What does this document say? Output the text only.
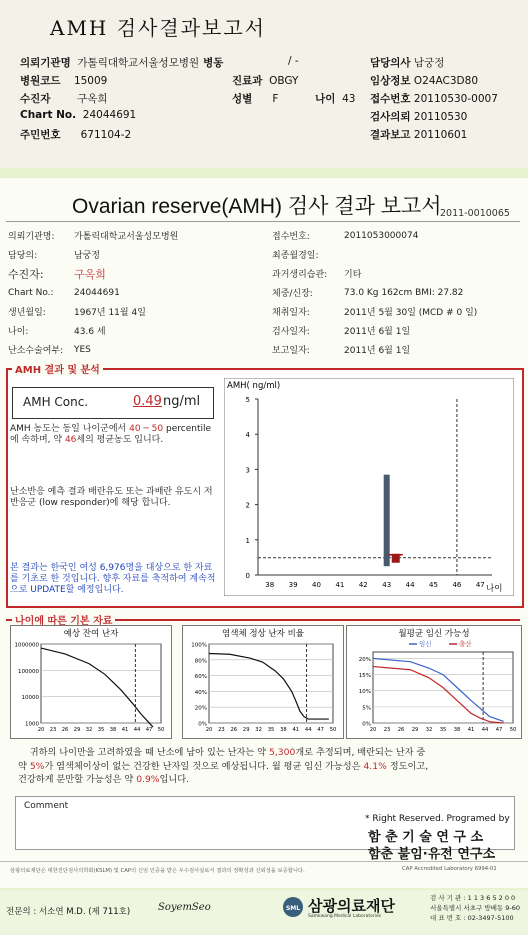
AMH 검사결과보고서
의뢰기관명 가톨릭대학교서울성모병원 병동
병원코드 15009
수진자	구옥희
Chart No. 24044691
주민번호 671104-2
/ -
진료과 OBGY
성별 F	나이 43
담당의사 남궁정
임상정보 O24AC3D80
접수번호 20110530-0007
검사의뢰 20110530
결과보고 20110601
Ovarian reserve(AMH) 검사 결과 보고서
2011-0010065
의뢰기관명:	가톨릭대학교서울성모병원
담당의:	남궁정
수진자:	구옥희
Chart No.:	24044691
생년월일:	1967년 11월 4일
나이:	43.6 세
난소수술여부:	YES
접수번호:	2011053000074
최종월경일:
과거생리습관:	기타
체중/신장:	73.0 Kg 162cm BMI: 27.82
채취일자:	2011년 5월 30일 (MCD # 0 일)
검사일자:	2011년 6월 1일
보고일자:	2011년 6월 1일
AMH 결과 및 분석
AMH Conc.	0.49 ng/ml
AMH 농도는 동일 나이군에서 40 ─ 50 percentile에 속하며, 약 46세의 평균농도 입니다.
난소반응 예측 결과 배란유도 또는 과배란 유도시 저반응군 (low responder)에 해당 합니다.
본 결과는 한국인 여성 6,976명을 대상으로 한 자료를 기초로 한 것입니다. 향후 자료를 축적하여 계속적으로 UPDATE할 예정입니다.
AMH( ng/ml)
나이
0
1
2
3
4
5
38 39 40 41 42 43 44 45 46 47
나이에 따른 기본 자료
예상 잔여 난자
1000
10000
100000
1000000
20 23 26 29 32 35 38 41 44 47 50
염색체 정상 난자 비율
0%
20%
40%
60%
80%
100%
20 23 26 29 32 35 38 41 44 47 50
월평균 임신 가능성
0%
5%
10%
15%
20%
20 23 26 29 32 35 38 41 44 47 50
임신	출산
귀하의 나이만을 고려하였을 때 난소에 남아 있는 난자는 약 5,300개로 추정되며, 배란되는 난자 중
약 5%가 염색체이상이 없는 건강한 난자일 것으로 예상됩니다. 월 평균 임신 가능성은 4.1% 정도이고,
건강하게 분만할 가능성은 약 0.9%입니다.
Comment
* Right Reserved. Programed by
함 춘 기 술 연 구 소
함춘 불임·유전 연구소
삼광의료재단은 대한진단검사의학회(KSLM) 및 CAP의 신임 인증을 받은 우수검사실로서 결과의 정확성과 신뢰성을 보증합니다.	CAP Accredited Laboratory 6994-01
전문의 : 서소연 M.D. (제 711호)	SoyemSeo	SML 삼광의료재단
Samkwang Medical Laboratories
검 사 기 관 : 1 1 3 6 5 2 0 0
서울특별시 서초구 방배동 9-60
대 표 번 호 : 02-3497-5100
